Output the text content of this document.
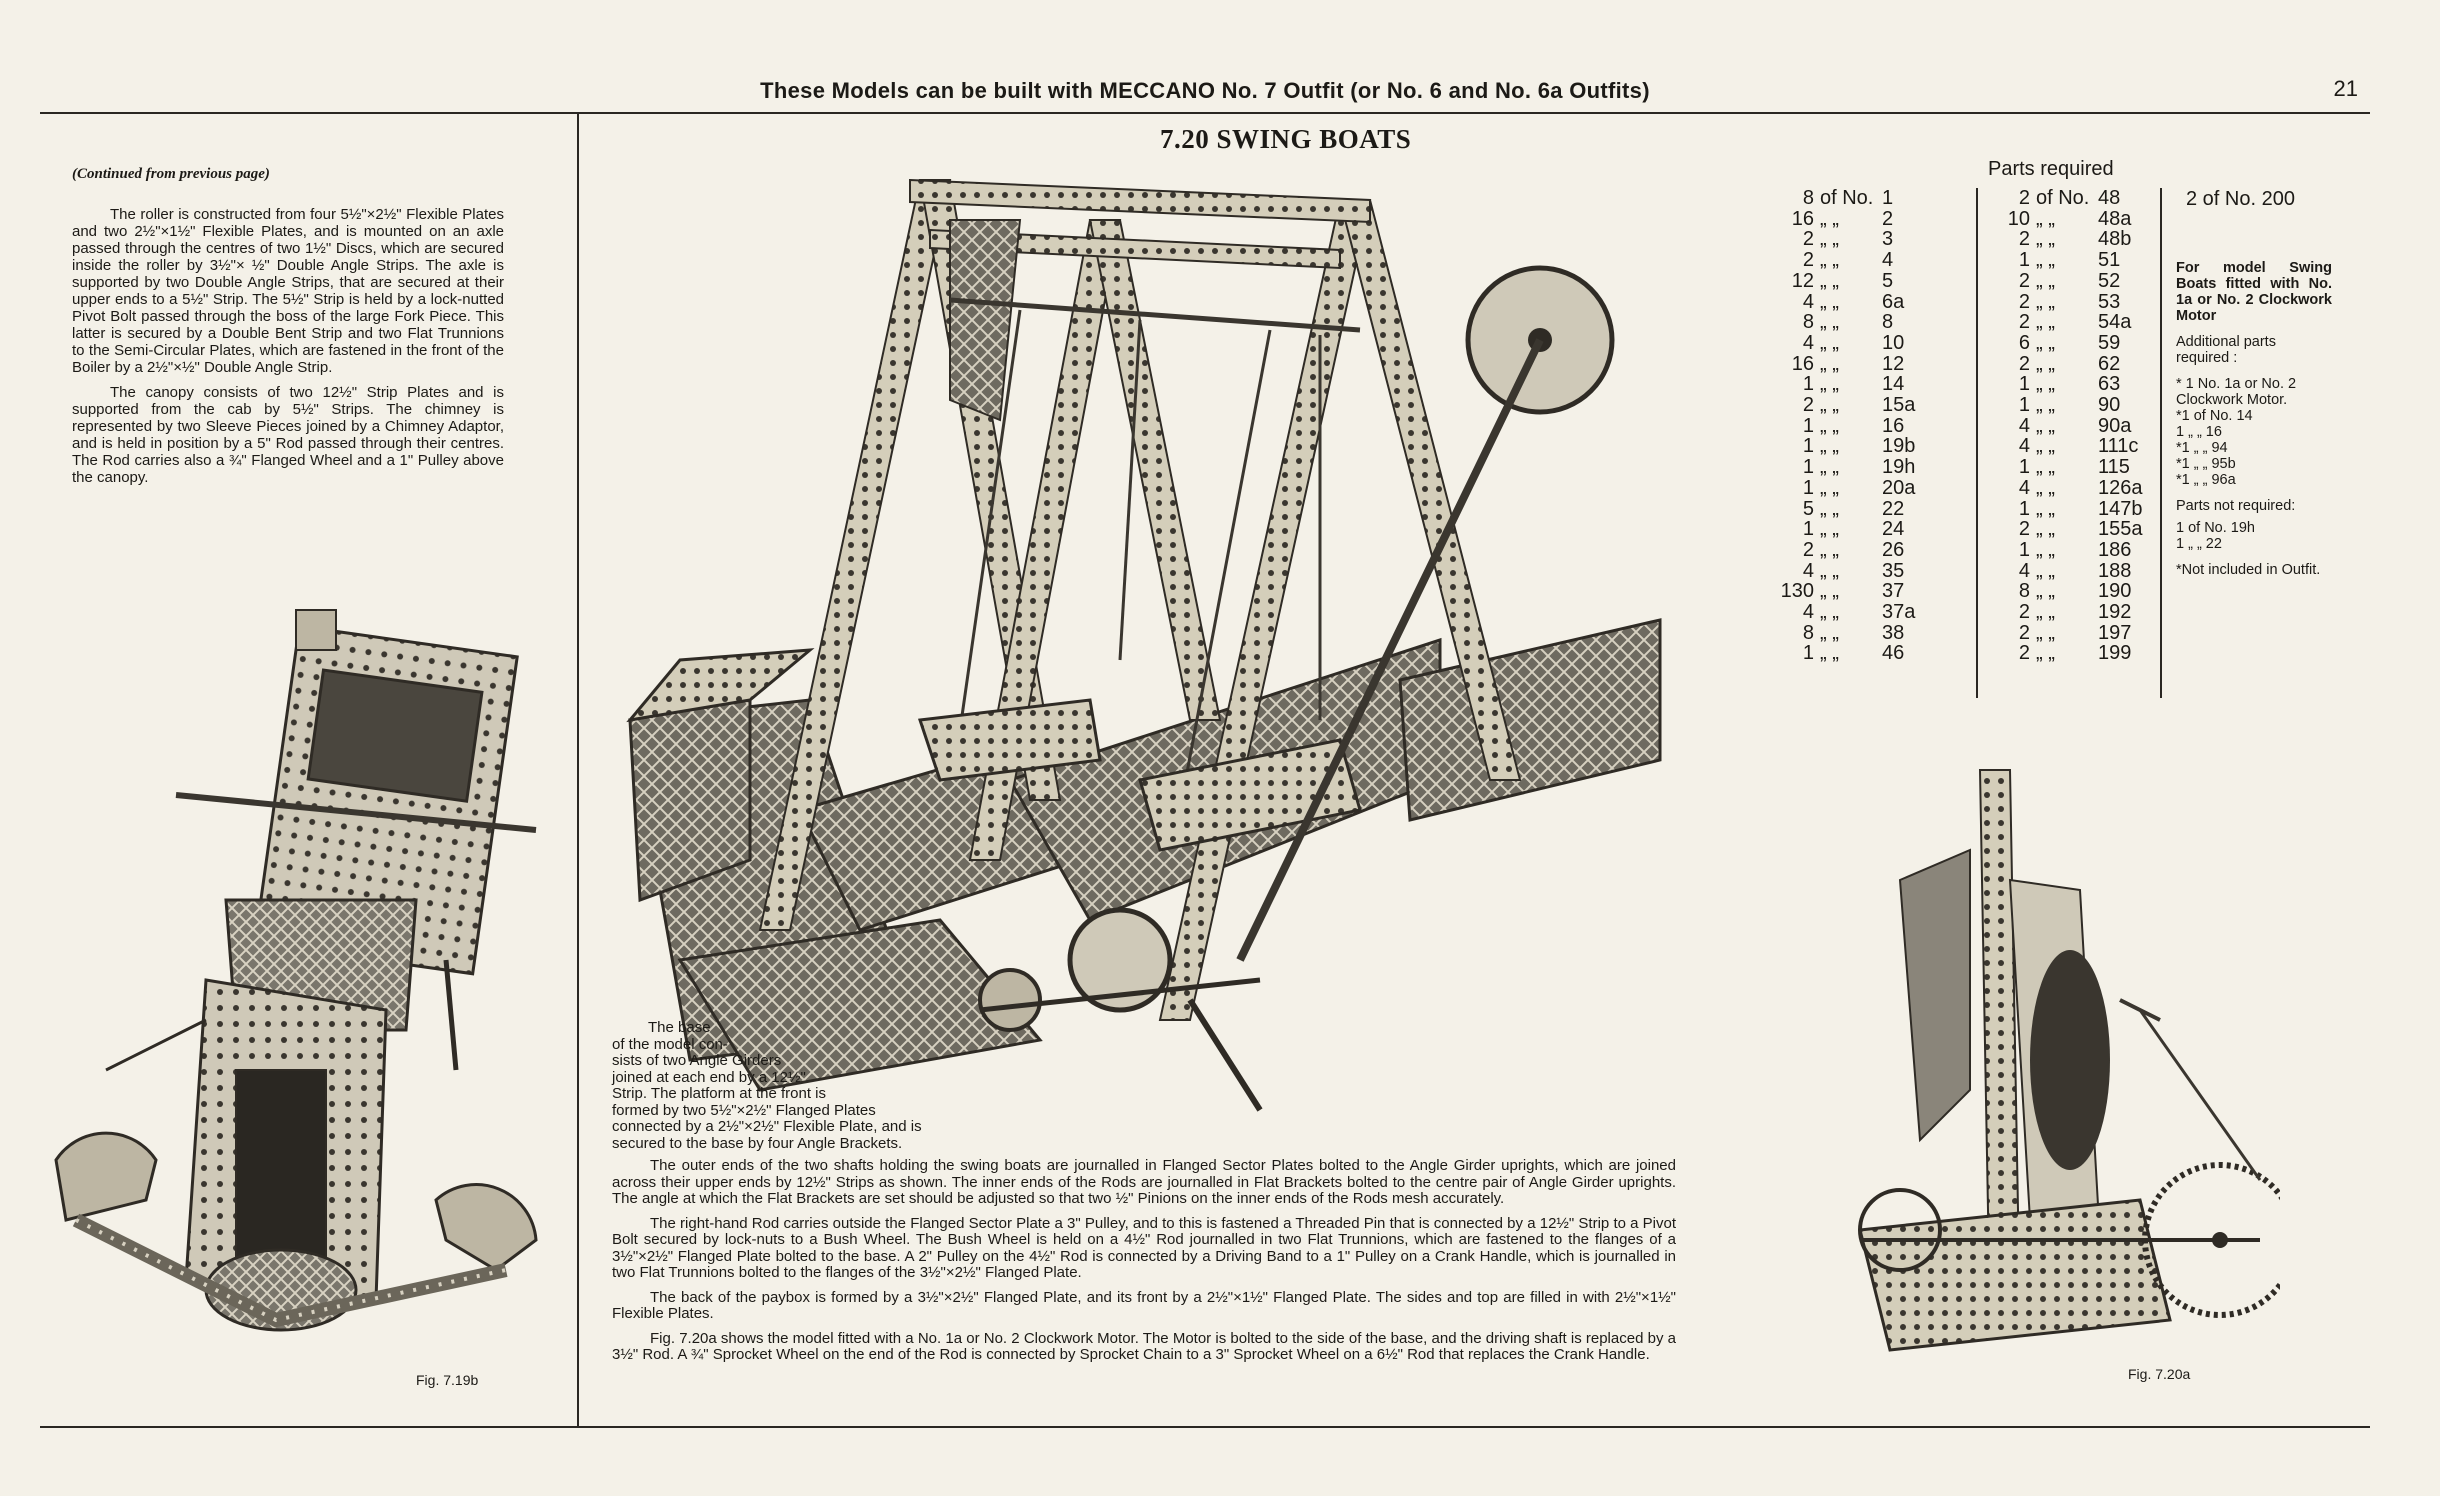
These Models can be built with MECCANO No. 7 Outfit (or No. 6 and No. 6a Outfits)	21
(Continued from previous page)

The roller is constructed from four 5½"×2½" Flexible Plates and two 2½"×1½" Flexible Plates, and is mounted on an axle passed through the centres of two 1½" Discs, which are secured inside the roller by 3½"× ½" Double Angle Strips. The axle is supported by two Double Angle Strips, that are secured at their upper ends to a 5½" Strip. The 5½" Strip is held by a lock-nutted Pivot Bolt passed through the boss of the large Fork Piece. This latter is secured by a Double Bent Strip and two Flat Trunnions to the Semi-Circular Plates, which are fastened in the front of the Boiler by a 2½"×½" Double Angle Strip.

The canopy consists of two 12½" Strip Plates and is supported from the cab by 5½" Strips. The chimney is represented by two Sleeve Pieces joined by a Chimney Adaptor, and is held in position by a 5" Rod passed through their centres. The Rod carries also a ¾" Flanged Wheel and a 1" Pulley above the canopy.

Fig. 7.19b
7.20 SWING BOATS
The base
of the model con-
sists of two Angle Girders
joined at each end by a 12½"
Strip. The platform at the front is
formed by two 5½"×2½" Flanged Plates
connected by a 2½"×2½" Flexible Plate, and is
secured to the base by four Angle Brackets.

The outer ends of the two shafts holding the swing boats are journalled in Flanged Sector Plates bolted to the Angle Girder uprights, which are joined across their upper ends by 12½" Strips as shown. The inner ends of the Rods are journalled in Flat Brackets bolted to the centre pair of Angle Girder uprights. The angle at which the Flat Brackets are set should be adjusted so that two ½" Pinions on the inner ends of the Rods mesh accurately.

The right-hand Rod carries outside the Flanged Sector Plate a 3" Pulley, and to this is fastened a Threaded Pin that is connected by a 12½" Strip to a Pivot Bolt secured by lock-nuts to a Bush Wheel. The Bush Wheel is held on a 4½" Rod journalled in two Flat Trunnions, which are fastened to the flanges of a 3½"×2½" Flanged Plate bolted to the base. A 2" Pulley on the 4½" Rod is connected by a Driving Band to a 1" Pulley on a Crank Handle, which is journalled in two Flat Trunnions bolted to the flanges of the 3½"×2½" Flanged Plate.

The back of the paybox is formed by a 3½"×2½" Flanged Plate, and its front by a 2½"×1½" Flanged Plate. The sides and top are filled in with 2½"×1½" Flexible Plates.

Fig. 7.20a shows the model fitted with a No. 1a or No. 2 Clockwork Motor. The Motor is bolted to the side of the base, and the driving shaft is replaced by a 3½" Rod. A ¾" Sprocket Wheel on the end of the Rod is connected by Sprocket Chain to a 3" Sprocket Wheel on a 6½" Rod that replaces the Crank Handle.

Parts required
8 of No. 1
16 „ „	2
2 „ „	3
2 „ „	4
12 „ „	5
4 „ „	6a
8 „ „	8
4 „ „	10
16 „ „	12
1 „ „	14
2 „ „	15a
1 „ „	16
1 „ „	19b
1 „ „	19h
1 „ „	20a
5 „ „	22
1 „ „	24
2 „ „	26
4 „ „	35
130 „ „	37
4 „ „	37a
8 „ „	38
1 „ „	46
2 of No. 48
10 „ „	48a
2 „ „	48b
1 „ „	51
2 „ „	52
2 „ „	53
2 „ „	54a
6 „ „	59
2 „ „	62
1 „ „	63
1 „ „	90
4 „ „	90a
4 „ „	111c
1 „ „	115
4 „ „	126a
1 „ „	147b
2 „ „	155a
1 „ „	186
4 „ „	188
8 „ „	190
2 „ „	192
2 „ „	197
2 „ „	199
2 of No. 200
For model Swing Boats fitted with No. 1a or No. 2 Clockwork Motor
Additional parts required :
* 1 No. 1a or No. 2
Clockwork Motor.
*1 of No. 14
1 „ „ 16
*1 „ „ 94
*1 „ „ 95b
*1 „ „ 96a
Parts not required:
1 of No. 19h
1 „ „ 22
*Not included in Outfit.
Fig. 7.20a
